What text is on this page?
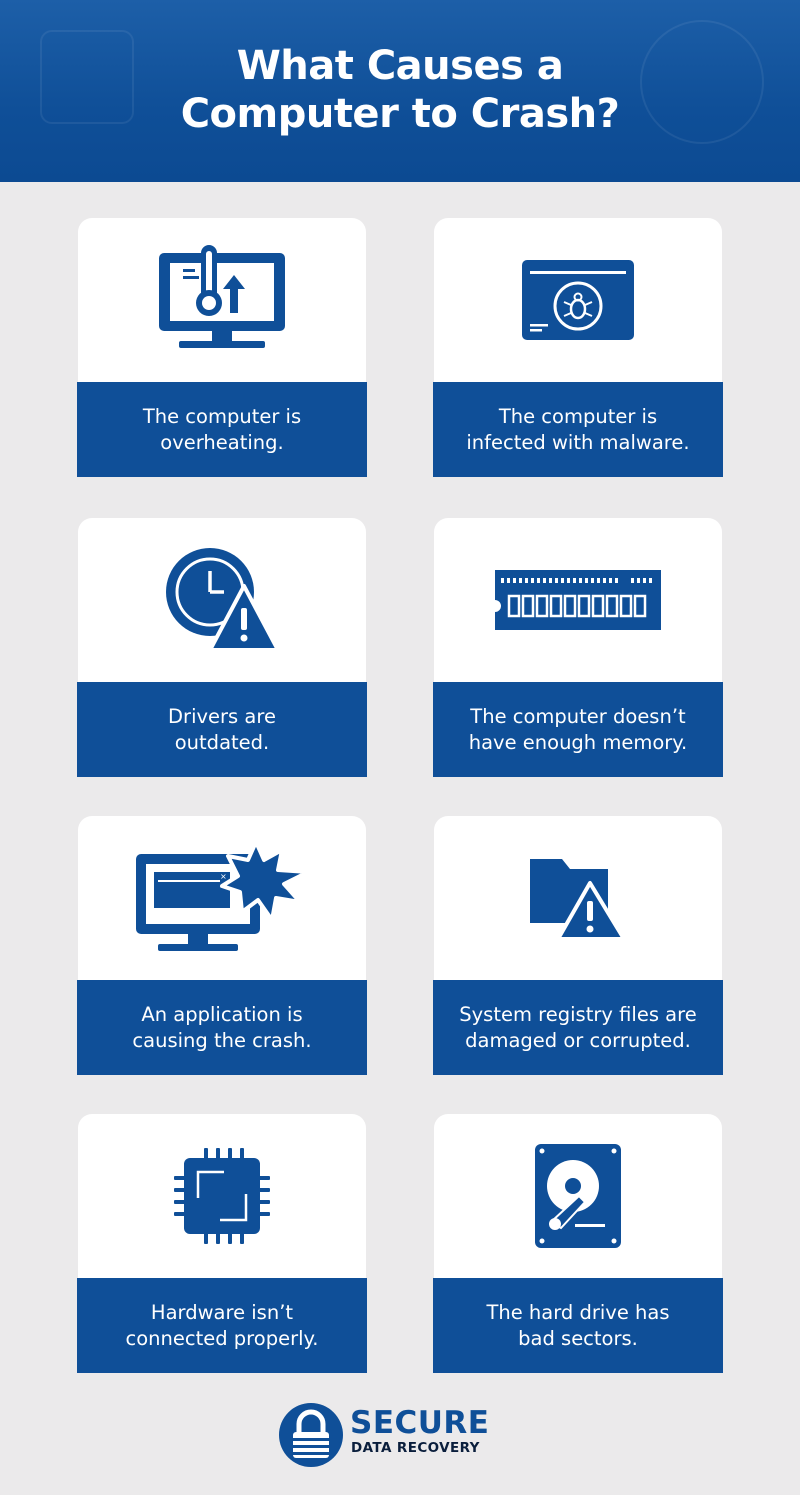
What Causes a
Computer to Crash?
The computer is
overheating.
The computer is
infected with malware.
Drivers are
outdated.
The computer doesn’t
have enough memory.
×
An application is
causing the crash.
System registry files are
damaged or corrupted.
Hardware isn’t
connected properly.
The hard drive has
bad sectors.
SECURE
DATA RECOVERY
